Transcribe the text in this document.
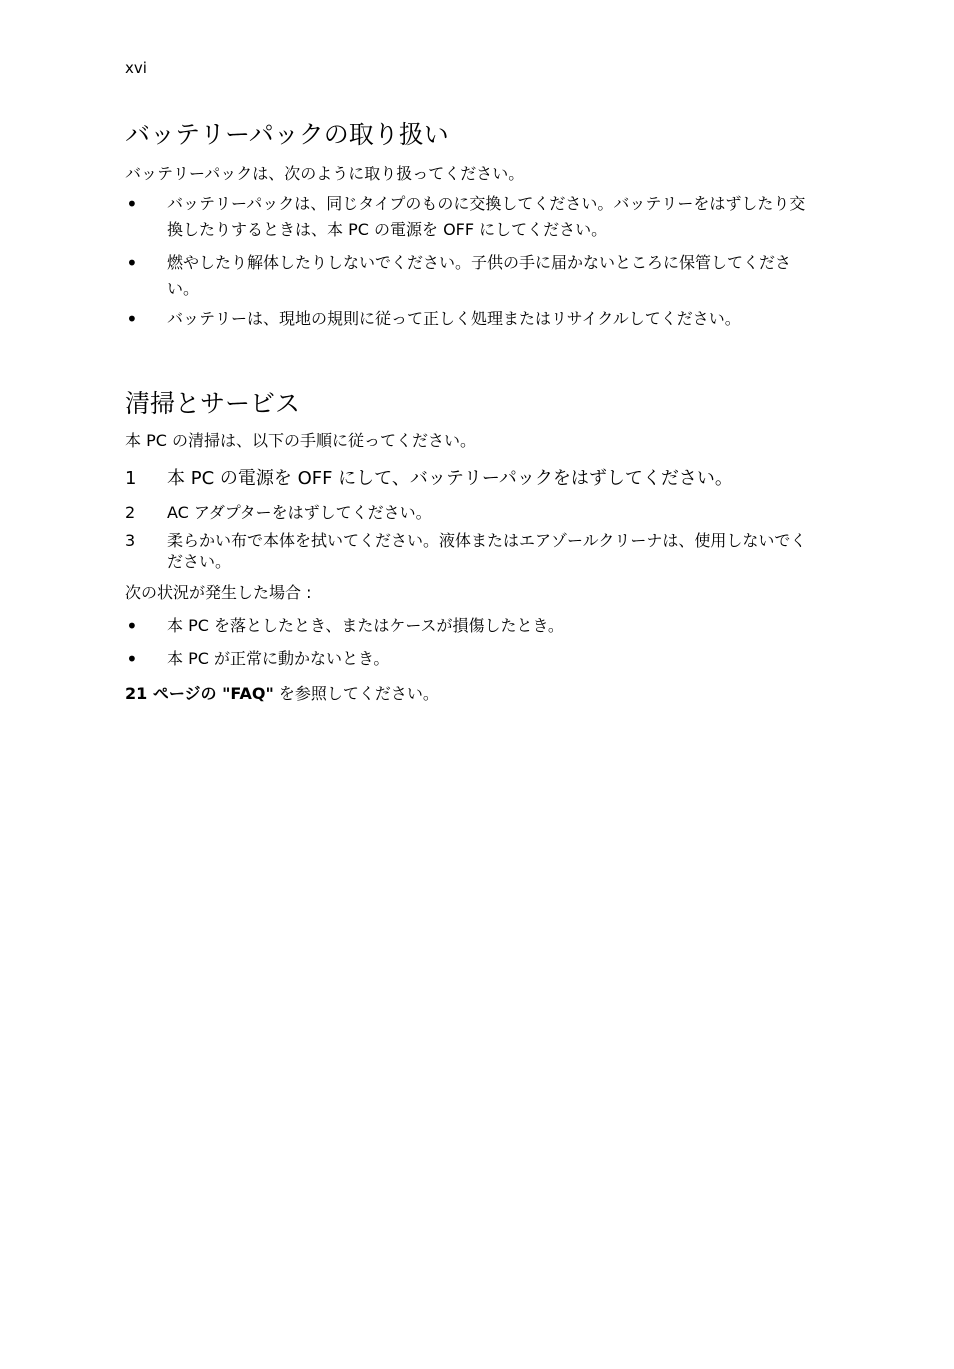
xvi
バッテリーパックの取り扱い
バッテリーパックは、次のように取り扱ってください。
•	バッテリーパックは、同じタイプのものに交換してください。バッテリーをはずしたり交換したりするときは、本 PC の電源を OFF にしてください。
•	燃やしたり解体したりしないでください。子供の手に届かないところに保管してください。
•	バッテリーは、現地の規則に従って正しく処理またはリサイクルしてください。
清掃とサービス
本 PC の清掃は、以下の手順に従ってください。
1	本 PC の電源を OFF にして、バッテリーパックをはずしてください。
2	AC アダプターをはずしてください。
3	柔らかい布で本体を拭いてください。液体またはエアゾールクリーナは、使用しないでください。
次の状況が発生した場合 :
•	本 PC を落としたとき、またはケースが損傷したとき。
•	本 PC が正常に動かないとき。
21 ページの "FAQ" を参照してください。
